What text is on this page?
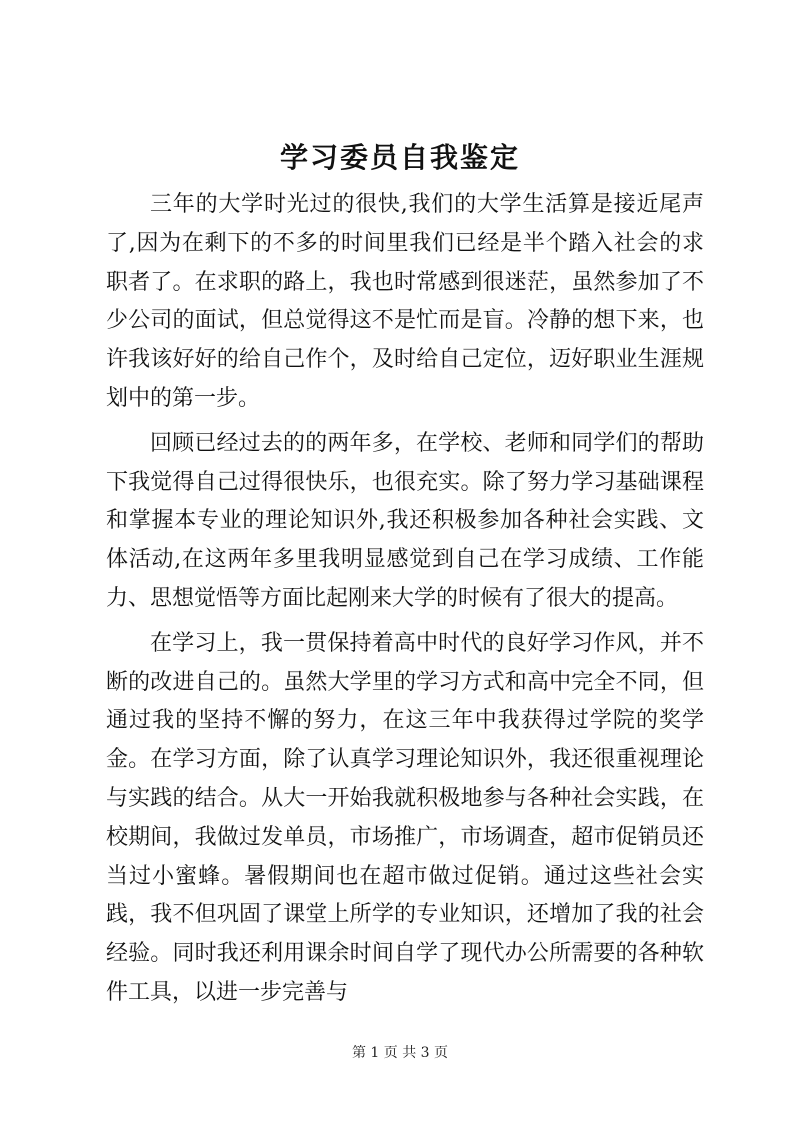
学习委员自我鉴定

三年的大学时光过的很快,我们的大学生活算是接近尾声了,因为在剩下的不多的时间里我们已经是半个踏入社会的求职者了。在求职的路上，我也时常感到很迷茫，虽然参加了不少公司的面试，但总觉得这不是忙而是盲。冷静的想下来，也许我该好好的给自己作个，及时给自己定位，迈好职业生涯规划中的第一步。

回顾已经过去的的两年多，在学校、老师和同学们的帮助下我觉得自己过得很快乐，也很充实。除了努力学习基础课程和掌握本专业的理论知识外,我还积极参加各种社会实践、文体活动,在这两年多里我明显感觉到自己在学习成绩、工作能力、思想觉悟等方面比起刚来大学的时候有了很大的提高。

在学习上，我一贯保持着高中时代的良好学习作风，并不断的改进自己的。虽然大学里的学习方式和高中完全不同，但通过我的坚持不懈的努力，在这三年中我获得过学院的奖学金。在学习方面，除了认真学习理论知识外，我还很重视理论与实践的结合。从大一开始我就积极地参与各种社会实践，在校期间，我做过发单员，市场推广，市场调查，超市促销员还当过小蜜蜂。暑假期间也在超市做过促销。通过这些社会实践，我不但巩固了课堂上所学的专业知识，还增加了我的社会经验。同时我还利用课余时间自学了现代办公所需要的各种软件工具，以进一步完善与

第 1 页 共 3 页
